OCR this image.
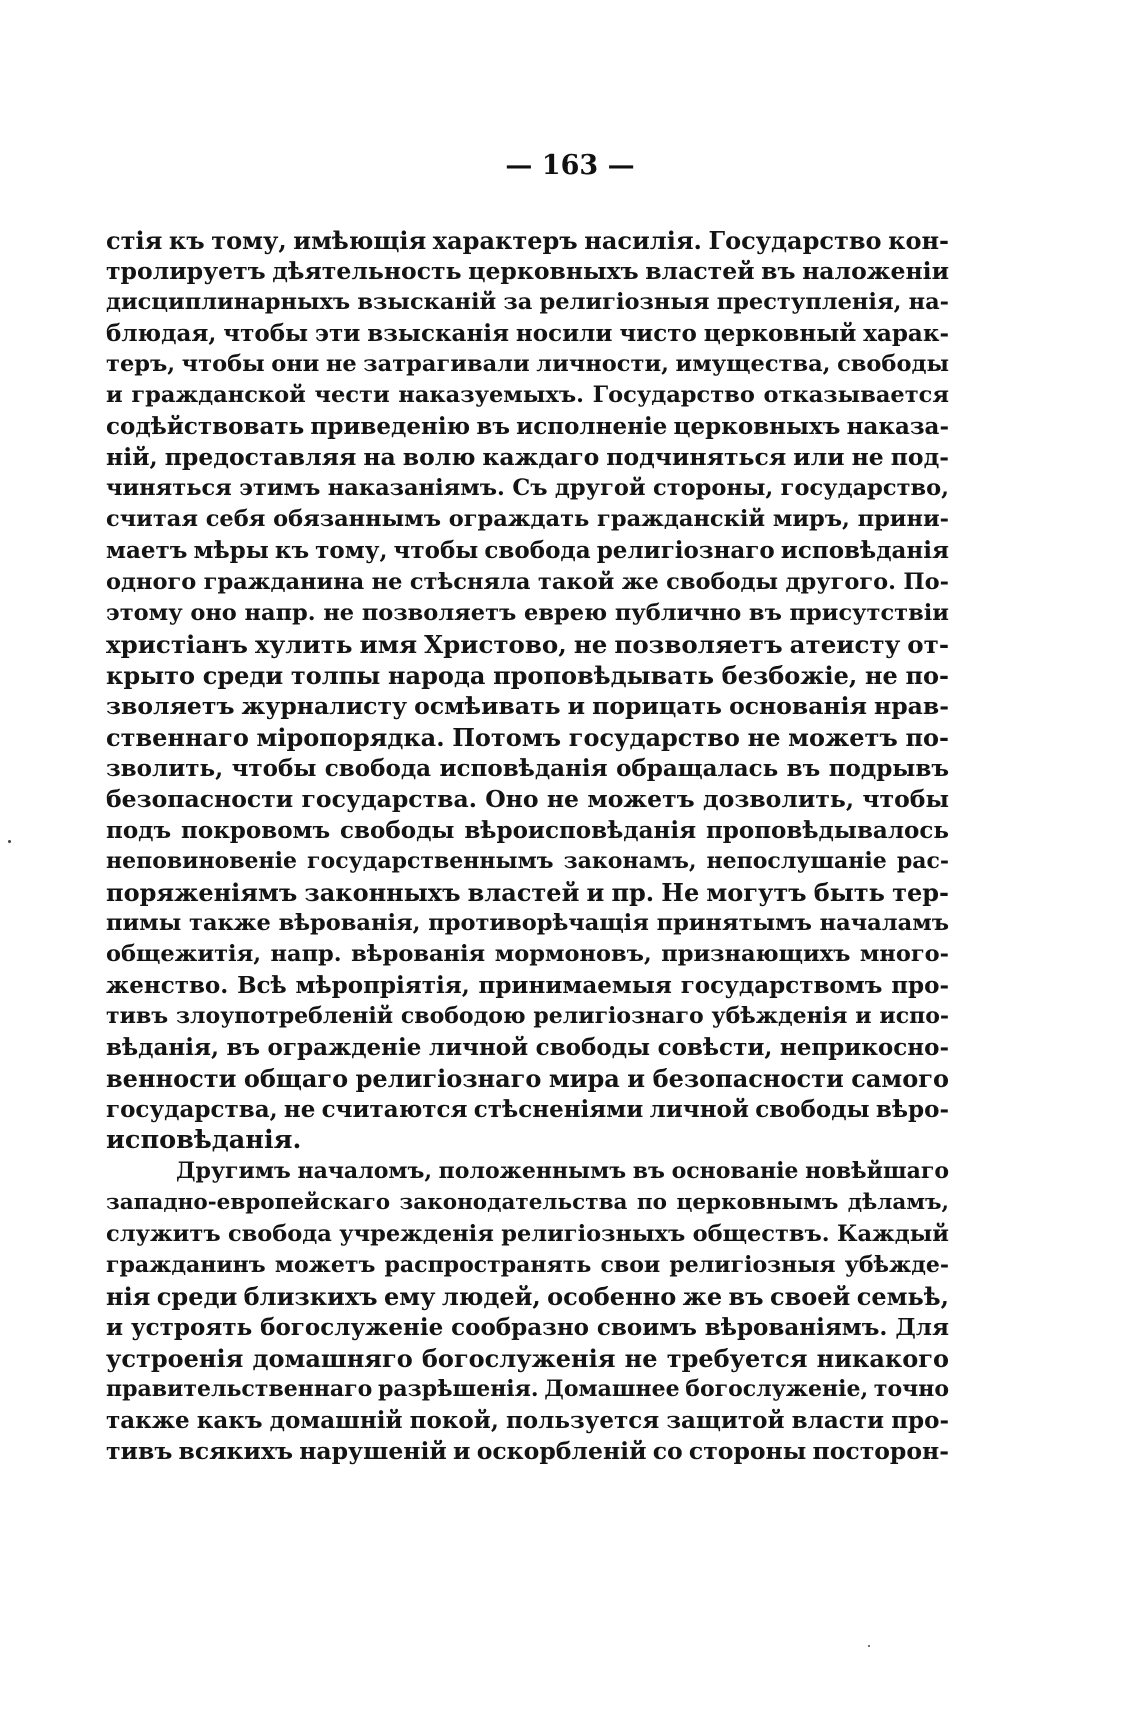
— 163 —
стія къ тому, имѣющія характеръ насилія. Государство кон-
тролируетъ дѣятельность церковныхъ властей въ наложеніи
дисциплинарныхъ взысканій за религіозныя преступленія, на-
блюдая, чтобы эти взысканія носили чисто церковный харак-
теръ, чтобы они не затрагивали личности, имущества, свободы
и гражданской чести наказуемыхъ. Государство отказывается
содѣйствовать приведенію въ исполненіе церковныхъ наказа-
ній, предоставляя на волю каждаго подчиняться или не под-
чиняться этимъ наказаніямъ. Съ другой стороны, государство,
считая себя обязаннымъ ограждать гражданскій миръ, прини-
маетъ мѣры къ тому, чтобы свобода религіознаго исповѣданія
одного гражданина не стѣсняла такой же свободы другого. По-
этому оно напр. не позволяетъ еврею публично въ присутствіи
христіанъ хулить имя Христово, не позволяетъ атеисту от-
крыто среди толпы народа проповѣдывать безбожіе, не по-
зволяетъ журналисту осмѣивать и порицать основанія нрав-
ственнаго міропорядка. Потомъ государство не можетъ по-
зволить, чтобы свобода исповѣданія обращалась въ подрывъ
безопасности государства. Оно не можетъ дозволить, чтобы
подъ покровомъ свободы вѣроисповѣданія проповѣдывалось
неповиновеніе государственнымъ законамъ, непослушаніе рас-
поряженіямъ законныхъ властей и пр. Не могутъ быть тер-
пимы также вѣрованія, противорѣчащія принятымъ началамъ
общежитія, напр. вѣрованія мормоновъ, признающихъ много-
женство. Всѣ мѣропріятія, принимаемыя государствомъ про-
тивъ злоупотребленій свободою религіознаго убѣжденія и испо-
вѣданія, въ огражденіе личной свободы совѣсти, неприкосно-
венности общаго религіознаго мира и безопасности самого
государства, не считаются стѣсненіями личной свободы вѣро-
исповѣданія.
Другимъ началомъ, положеннымъ въ основаніе новѣйшаго
западно-европейскаго законодательства по церковнымъ дѣламъ,
служитъ свобода учрежденія религіозныхъ обществъ. Каждый
гражданинъ можетъ распространять свои религіозныя убѣжде-
нія среди близкихъ ему людей, особенно же въ своей семьѣ,
и устроять богослуженіе сообразно своимъ вѣрованіямъ. Для
устроенія домашняго богослуженія не требуется никакого
правительственнаго разрѣшенія. Домашнее богослуженіе, точно
также какъ домашній покой, пользуется защитой власти про-
тивъ всякихъ нарушеній и оскорбленій со стороны посторон-
